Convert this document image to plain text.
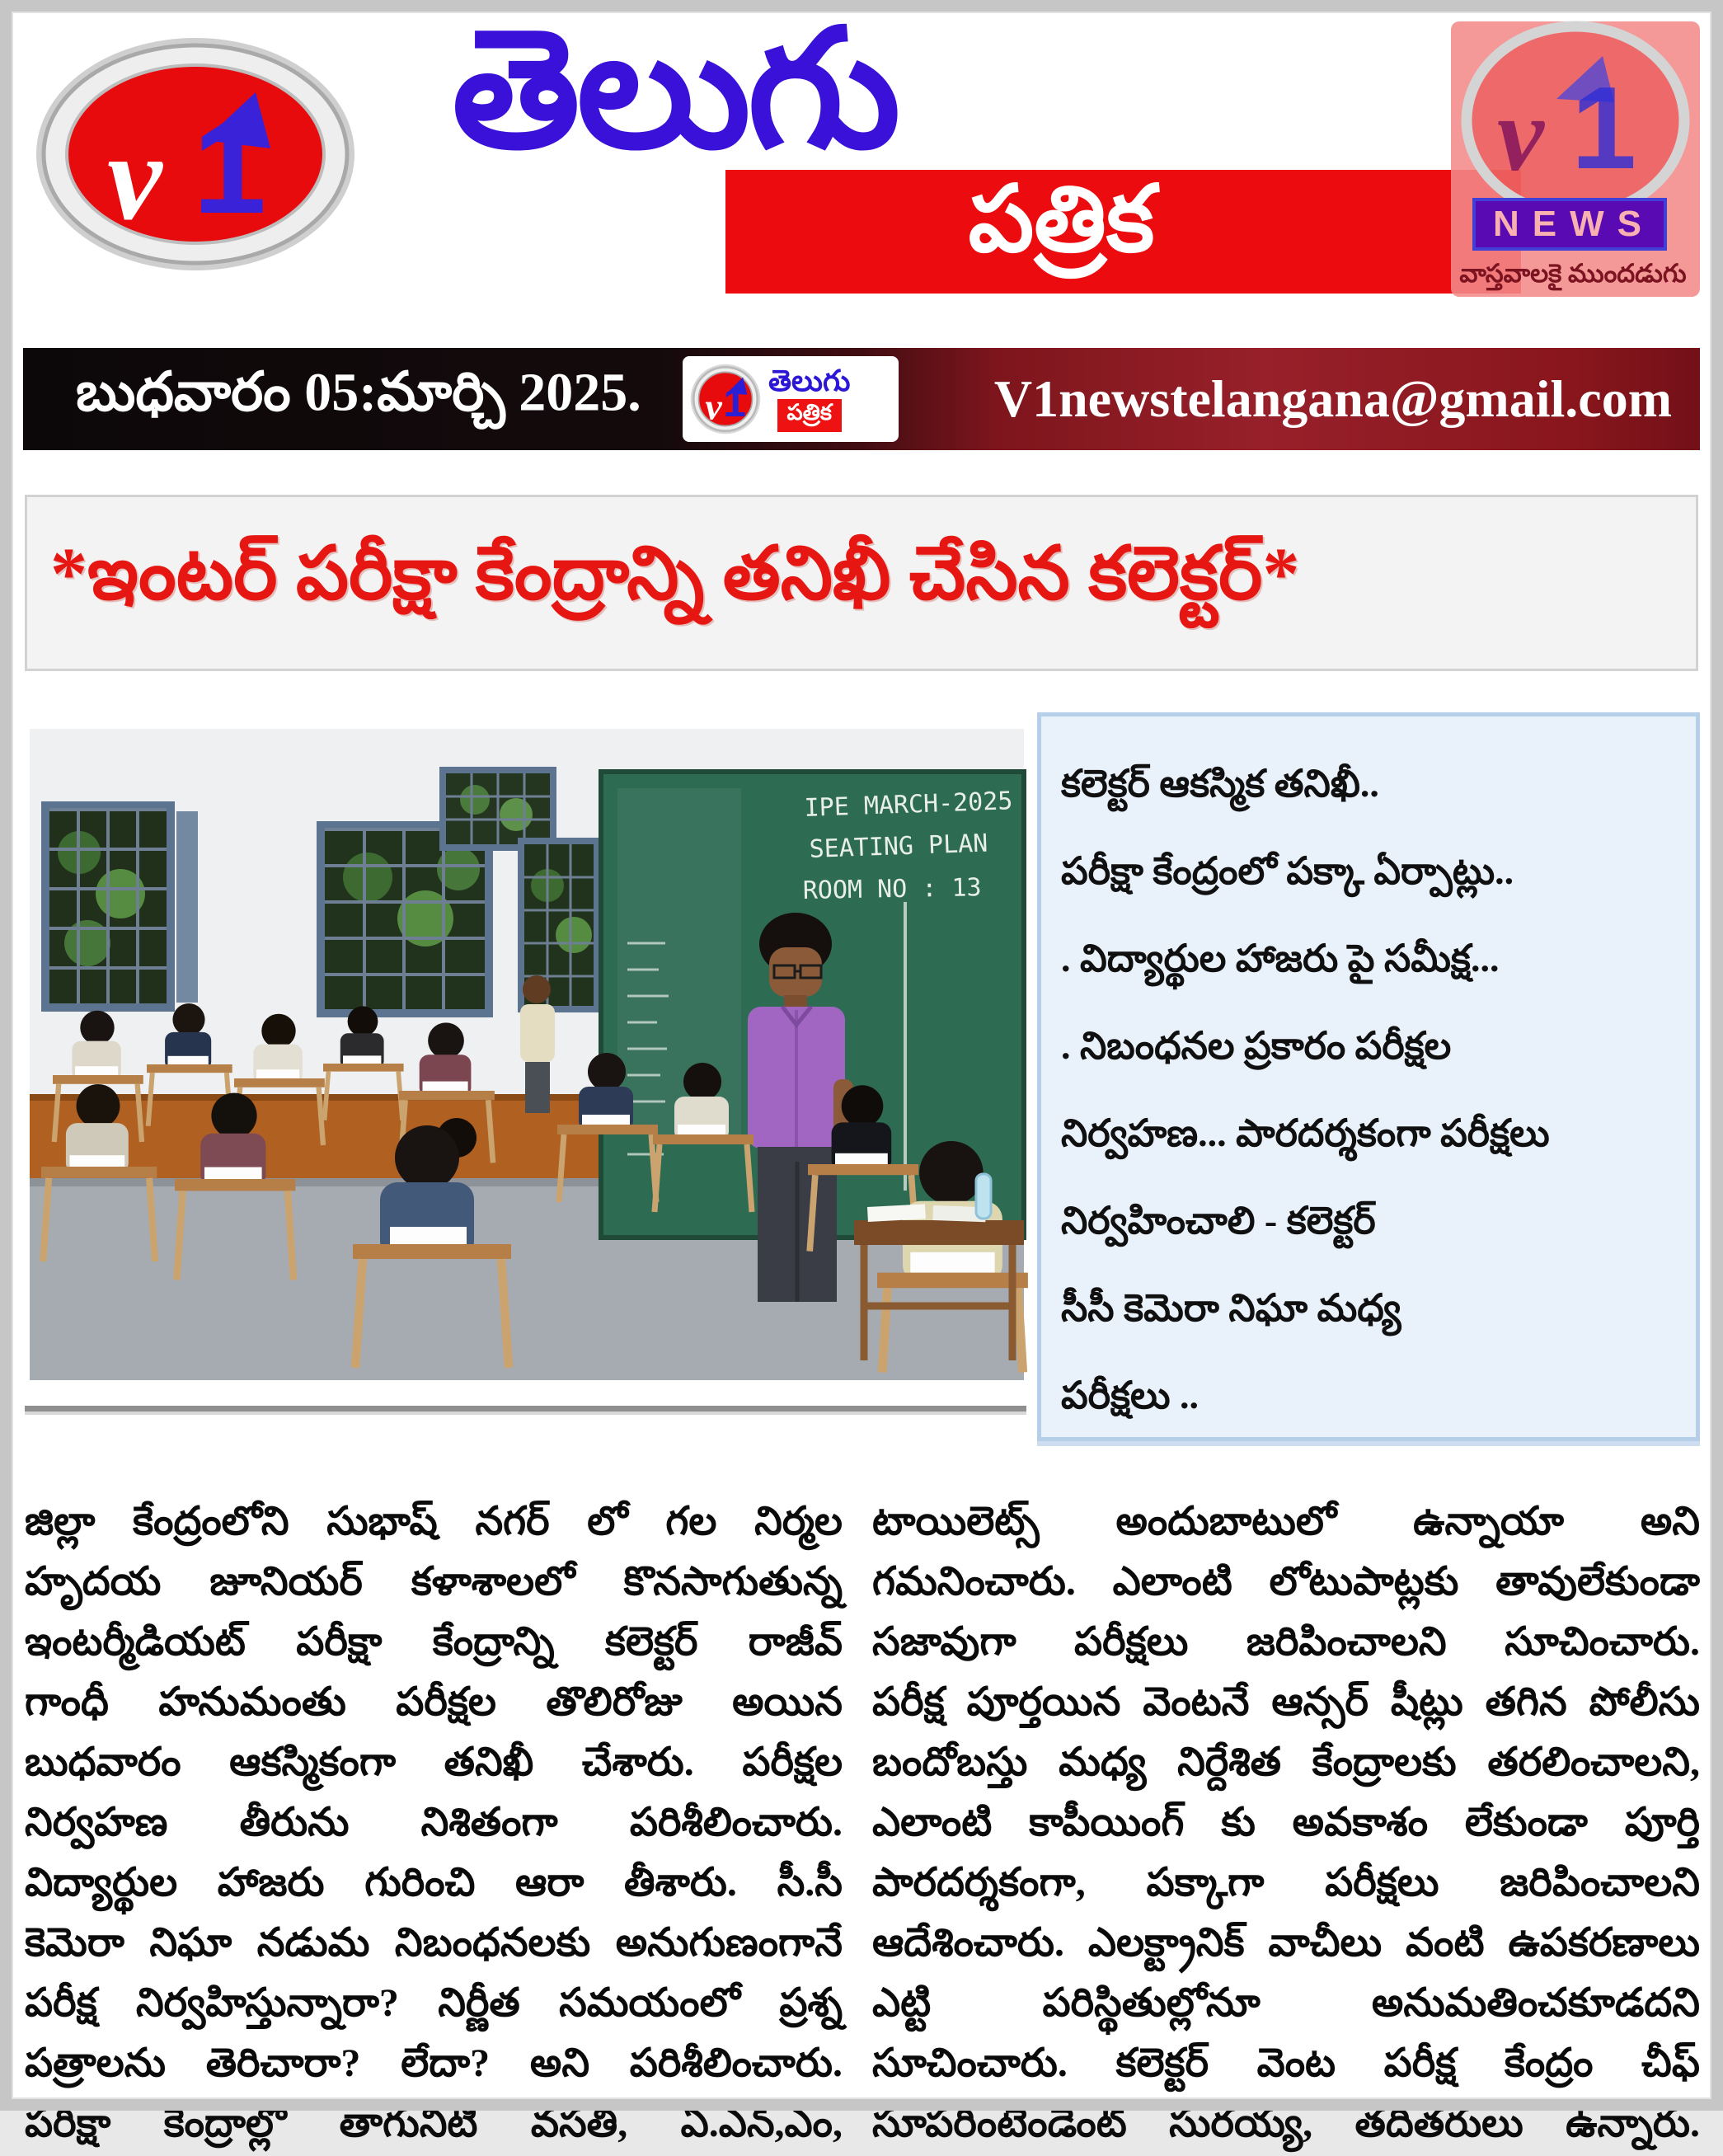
v 1 తెలుగు
పత్రిక
v 1
NEWS
వాస్తవాలకై ముందడుగు
బుధవారం 05:మార్చి 2025.	తెలుగు
పత్రిక	V1newstelangana@gmail.com
*ఇంటర్ పరీక్షా కేంద్రాన్ని తనిఖీ చేసిన కలెక్టర్*
IPE MARCH-2025
SEATING PLAN
ROOM NO : 13
కలెక్టర్ ఆకస్మిక తనిఖీ..
పరీక్షా కేంద్రంలో పక్కా ఏర్పాట్లు..
. విద్యార్థుల హాజరు పై సమీక్ష...
. నిబంధనల ప్రకారం పరీక్షల
నిర్వహణ... పారదర్శకంగా పరీక్షలు
నిర్వహించాలి - కలెక్టర్
సీసీ కెమెరా నిఘా మధ్య
పరీక్షలు ..
జిల్లా కేంద్రంలోని సుభాష్ నగర్ లో గల నిర్మల
హృదయ జూనియర్ కళాశాలలో కొనసాగుతున్న
ఇంటర్మీడియట్ పరీక్షా కేంద్రాన్ని కలెక్టర్ రాజీవ్
గాంధీ హనుమంతు పరీక్షల తొలిరోజు అయిన
బుధవారం ఆకస్మికంగా తనిఖీ చేశారు. పరీక్షల
నిర్వహణ తీరును నిశితంగా పరిశీలించారు.
విద్యార్థుల హాజరు గురించి ఆరా తీశారు. సీ.సీ
కెమెరా నిఘా నడుమ నిబంధనలకు అనుగుణంగానే
పరీక్ష నిర్వహిస్తున్నారా? నిర్ణీత సమయంలో ప్రశ్న
పత్రాలను తెరిచారా? లేదా? అని పరిశీలించారు.
పరీక్షా కేంద్రాల్లో తాగునీటి వసతి, ఏ.ఎన్,ఎం,
టాయిలెట్స్ అందుబాటులో ఉన్నాయా అని
గమనించారు. ఎలాంటి లోటుపాట్లకు తావులేకుండా
సజావుగా పరీక్షలు జరిపించాలని సూచించారు.
పరీక్ష పూర్తయిన వెంటనే ఆన్సర్ షీట్లు తగిన పోలీసు
బందోబస్తు మధ్య నిర్దేశిత కేంద్రాలకు తరలించాలని,
ఎలాంటి కాపీయింగ్ కు అవకాశం లేకుండా పూర్తి
పారదర్శకంగా, పక్కాగా పరీక్షలు జరిపించాలని
ఆదేశించారు. ఎలక్ట్రానిక్ వాచీలు వంటి ఉపకరణాలు
ఎట్టి	పరిస్థితుల్లోనూ	అనుమతించకూడదని
సూచించారు. కలెక్టర్ వెంట పరీక్ష కేంద్రం చీఫ్
సూపరింటెండెంట్ సురయ్య, తదితరులు ఉన్నారు.
